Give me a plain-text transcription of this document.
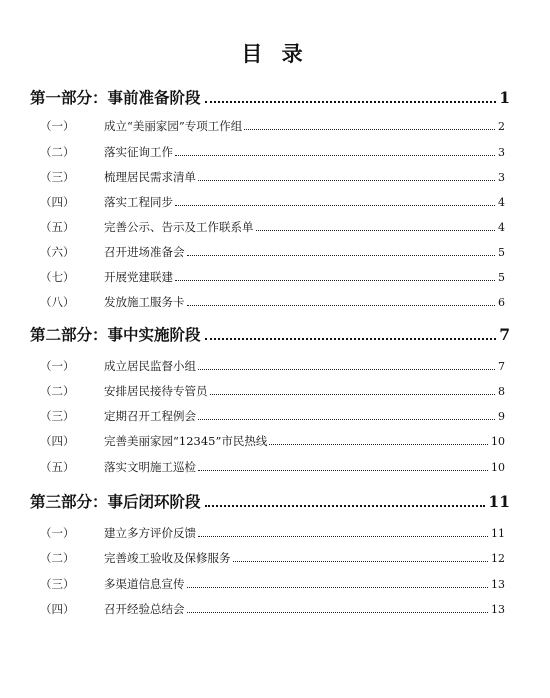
目 录
第一部分：事前准备阶段	1
（一）	成立“美丽家园”专项工作组	2
（二）	落实征询工作	3
（三）	梳理居民需求清单	3
（四）	落实工程同步	4
（五）	完善公示、告示及工作联系单	4
（六）	召开进场准备会	5
（七）	开展党建联建	5
（八）	发放施工服务卡	6
第二部分：事中实施阶段	7
（一）	成立居民监督小组	7
（二）	安排居民接待专管员	8
（三）	定期召开工程例会	9
（四）	完善美丽家园“12345”市民热线	10
（五）	落实文明施工巡检	10
第三部分：事后闭环阶段	11
（一）	建立多方评价反馈	11
（二）	完善竣工验收及保修服务	12
（三）	多渠道信息宣传	13
（四）	召开经验总结会	13
